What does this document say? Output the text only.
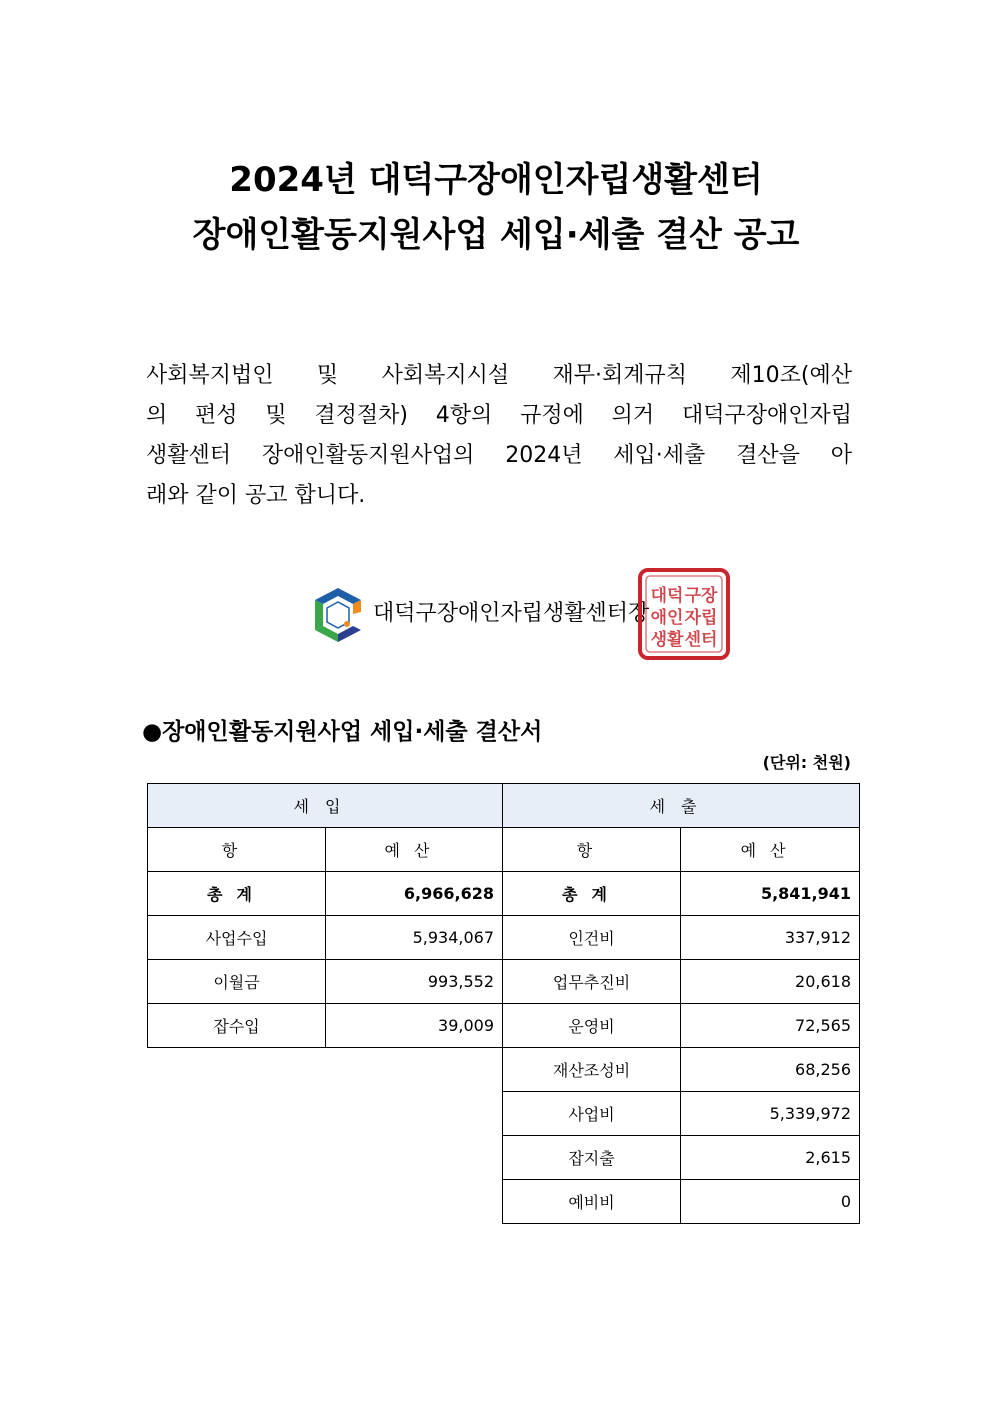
2024년 대덕구장애인자립생활센터
장애인활동지원사업 세입·세출 결산 공고
사회복지법인 및 사회복지시설 재무·회계규칙 제10조(예산
의 편성 및 결정절차) 4항의 규정에 의거 대덕구장애인자립
생활센터 장애인활동지원사업의 2024년 세입·세출 결산을 아
래와 같이 공고 합니다.
대덕구장애인자립생활센터장
대덕 구장
애인 자립
생활 센터
●장애인활동지원사업 세입·세출 결산서
(단위: 천원)
세입		세출	
항	예산	항	예산
총계	6,966,628	총계	5,841,941
사업수입	5,934,067	인건비	337,912
이월금	993,552	업무추진비	20,618
잡수입	39,009	운영비	72,565
		재산조성비	68,256
		사업비	5,339,972
		잡지출	2,615
		예비비	0
